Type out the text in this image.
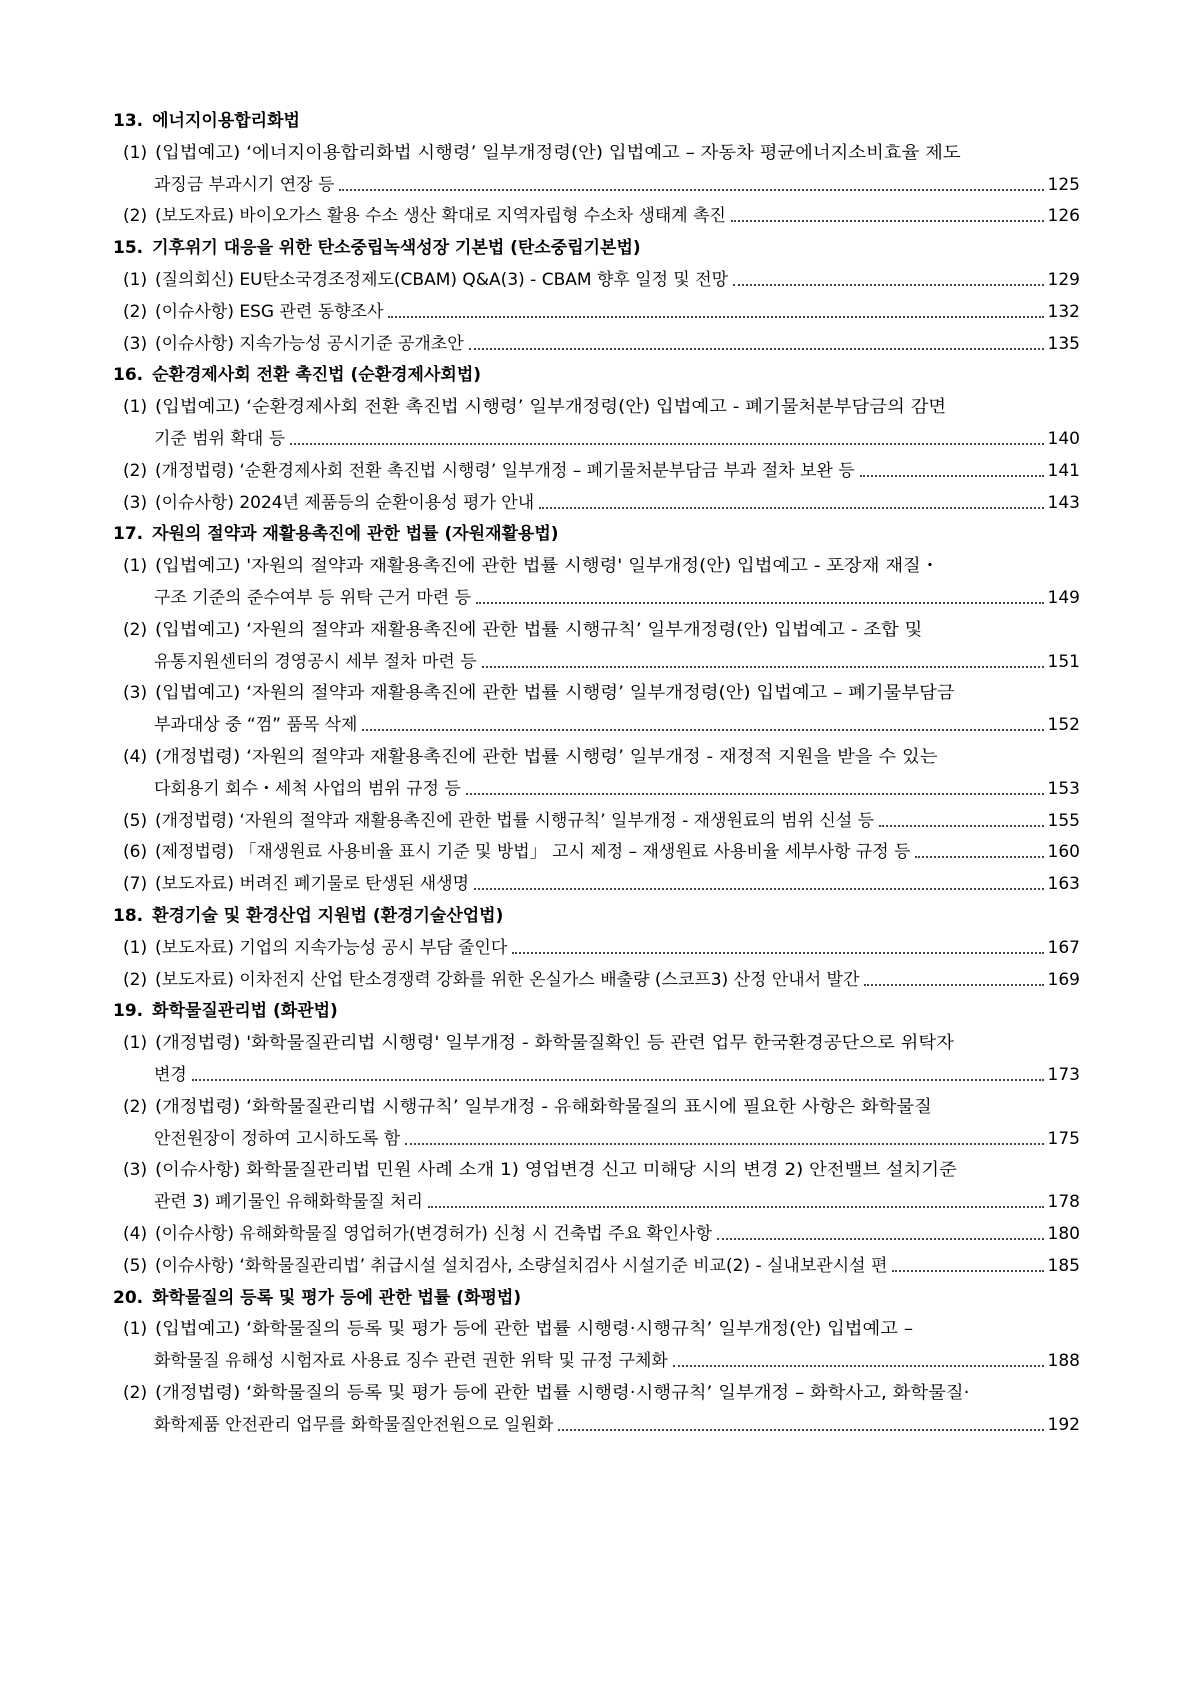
13. 에너지이용합리화법
(1) (입법예고) ‘에너지이용합리화법 시행령’ 일부개정령(안) 입법예고 – 자동차 평균에너지소비효율 제도
과징금 부과시기 연장 등	125
(2) (보도자료) 바이오가스 활용 수소 생산 확대로 지역자립형 수소차 생태계 촉진	126
15. 기후위기 대응을 위한 탄소중립녹색성장 기본법 (탄소중립기본법)
(1) (질의회신) EU탄소국경조정제도(CBAM) Q&A(3) - CBAM 향후 일정 및 전망	129
(2) (이슈사항) ESG 관련 동향조사	132
(3) (이슈사항) 지속가능성 공시기준 공개초안	135
16. 순환경제사회 전환 촉진법 (순환경제사회법)
(1) (입법예고) ‘순환경제사회 전환 촉진법 시행령’ 일부개정령(안) 입법예고 - 폐기물처분부담금의 감면
기준 범위 확대 등	140
(2) (개정법령) ‘순환경제사회 전환 촉진법 시행령’ 일부개정 – 폐기물처분부담금 부과 절차 보완 등	141
(3) (이슈사항) 2024년 제품등의 순환이용성 평가 안내	143
17. 자원의 절약과 재활용촉진에 관한 법률 (자원재활용법)
(1) (입법예고) '자원의 절약과 재활용촉진에 관한 법률 시행령' 일부개정(안) 입법예고 - 포장재 재질・
구조 기준의 준수여부 등 위탁 근거 마련 등	149
(2) (입법예고) ‘자원의 절약과 재활용촉진에 관한 법률 시행규칙’ 일부개정령(안) 입법예고 - 조합 및
유통지원센터의 경영공시 세부 절차 마련 등	151
(3) (입법예고) ‘자원의 절약과 재활용촉진에 관한 법률 시행령’ 일부개정령(안) 입법예고 – 폐기물부담금
부과대상 중 “껌” 품목 삭제	152
(4) (개정법령) ‘자원의 절약과 재활용촉진에 관한 법률 시행령’ 일부개정 - 재정적 지원을 받을 수 있는
다회용기 회수・세척 사업의 범위 규정 등	153
(5) (개정법령) ‘자원의 절약과 재활용촉진에 관한 법률 시행규칙’ 일부개정 - 재생원료의 범위 신설 등	155
(6) (제정법령) 「재생원료 사용비율 표시 기준 및 방법」 고시 제정 – 재생원료 사용비율 세부사항 규정 등	160
(7) (보도자료) 버려진 폐기물로 탄생된 새생명	163
18. 환경기술 및 환경산업 지원법 (환경기술산업법)
(1) (보도자료) 기업의 지속가능성 공시 부담 줄인다	167
(2) (보도자료) 이차전지 산업 탄소경쟁력 강화를 위한 온실가스 배출량 (스코프3) 산정 안내서 발간	169
19. 화학물질관리법 (화관법)
(1) (개정법령) '화학물질관리법 시행령' 일부개정 - 화학물질확인 등 관련 업무 한국환경공단으로 위탁자
변경	173
(2) (개정법령) ‘화학물질관리법 시행규칙’ 일부개정 - 유해화학물질의 표시에 필요한 사항은 화학물질
안전원장이 정하여 고시하도록 함	175
(3) (이슈사항) 화학물질관리법 민원 사례 소개 1) 영업변경 신고 미해당 시의 변경 2) 안전밸브 설치기준
관련 3) 폐기물인 유해화학물질 처리	178
(4) (이슈사항) 유해화학물질 영업허가(변경허가) 신청 시 건축법 주요 확인사항	180
(5) (이슈사항) ‘화학물질관리법’ 취급시설 설치검사, 소량설치검사 시설기준 비교(2) - 실내보관시설 편	185
20. 화학물질의 등록 및 평가 등에 관한 법률 (화평법)
(1) (입법예고) ‘화학물질의 등록 및 평가 등에 관한 법률 시행령·시행규칙’ 일부개정(안) 입법예고 –
화학물질 유해성 시험자료 사용료 징수 관련 권한 위탁 및 규정 구체화	188
(2) (개정법령) ‘화학물질의 등록 및 평가 등에 관한 법률 시행령·시행규칙’ 일부개정 – 화학사고, 화학물질·
화학제품 안전관리 업무를 화학물질안전원으로 일원화	192
